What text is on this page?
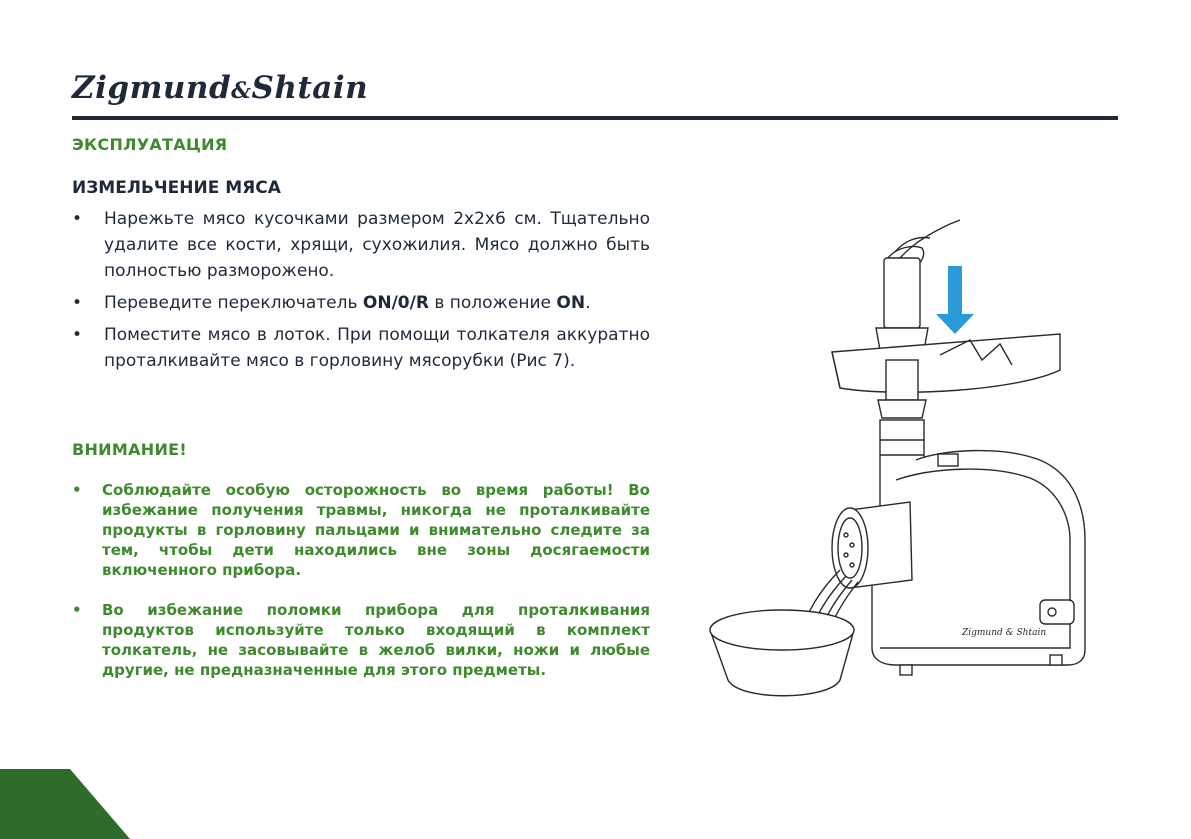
Zigmund&Shtain
ЭКСПЛУАТАЦИЯ
ИЗМЕЛЬЧЕНИЕ МЯСА
• Нарежьте мясо кусочками размером 2х2х6 см. Тщательно удалите все кости, хрящи, сухожилия. Мясо должно быть полностью разморожено.
• Переведите переключатель ON/0/R в положение ON.
• Поместите мясо в лоток. При помощи толкателя аккуратно проталкивайте мясо в горловину мясорубки (Рис 7).
ВНИМАНИЕ!
• Соблюдайте особую осторожность во время работы! Во избежание получения травмы, никогда не проталкивайте продукты в горловину пальцами и внимательно следите за тем, чтобы дети находились вне зоны досягаемости включенного прибора.
• Во избежание поломки прибора для проталкивания продуктов используйте только входящий в комплект толкатель, не засовывайте в желоб вилки, ножи и любые другие, не предназначенные для этого предметы.
Zigmund & Shtain
